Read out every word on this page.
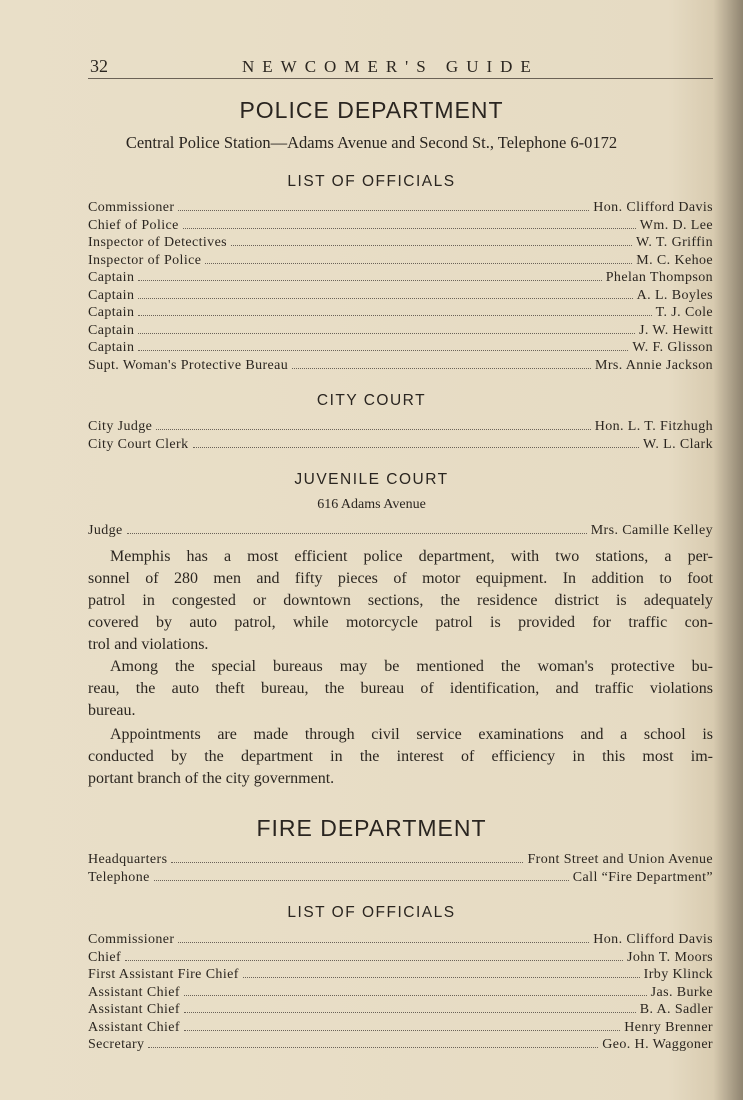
32	NEWCOMER'S GUIDE
POLICE DEPARTMENT
Central Police Station—Adams Avenue and Second St., Telephone 6-0172
LIST OF OFFICIALS
Commissioner	Hon. Clifford Davis
Chief of Police	Wm. D. Lee
Inspector of Detectives	W. T. Griffin
Inspector of Police	M. C. Kehoe
Captain	Phelan Thompson
Captain	A. L. Boyles
Captain	T. J. Cole
Captain	J. W. Hewitt
Captain	W. F. Glisson
Supt. Woman's Protective Bureau	Mrs. Annie Jackson
CITY COURT
City Judge	Hon. L. T. Fitzhugh
City Court Clerk	W. L. Clark
JUVENILE COURT
616 Adams Avenue
Judge	Mrs. Camille Kelley
Memphis has a most efficient police department, with two stations, a per-
sonnel of 280 men and fifty pieces of motor equipment. In addition to foot
patrol in congested or downtown sections, the residence district is adequately
covered by auto patrol, while motorcycle patrol is provided for traffic con-
trol and violations.
Among the special bureaus may be mentioned the woman's protective bu-
reau, the auto theft bureau, the bureau of identification, and traffic violations
bureau.
Appointments are made through civil service examinations and a school is
conducted by the department in the interest of efficiency in this most im-
portant branch of the city government.
FIRE DEPARTMENT
Headquarters	Front Street and Union Avenue
Telephone	Call “Fire Department”
LIST OF OFFICIALS
Commissioner	Hon. Clifford Davis
Chief	John T. Moors
First Assistant Fire Chief	Irby Klinck
Assistant Chief	Jas. Burke
Assistant Chief	B. A. Sadler
Assistant Chief	Henry Brenner
Secretary	Geo. H. Waggoner
